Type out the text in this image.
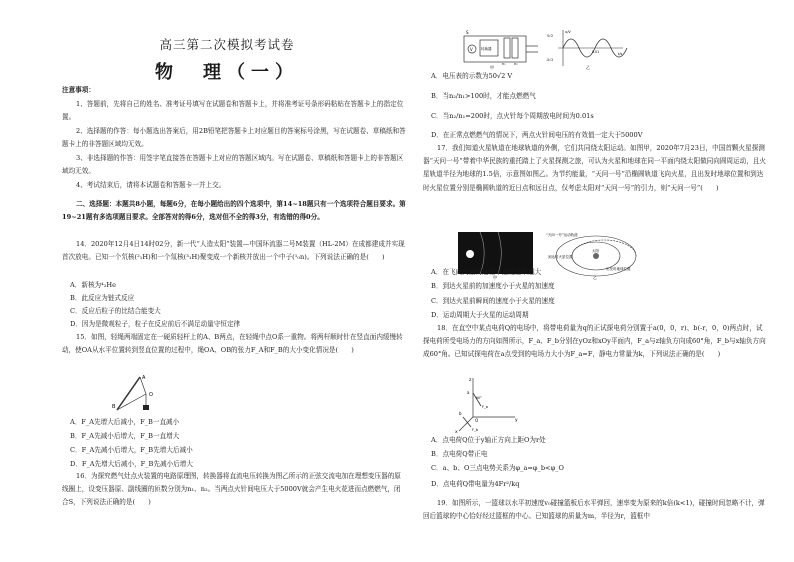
高三第二次模拟考试卷
物　理（一）
注意事项：
1、答题前，先将自己的姓名、准考证号填写在试题卷和答题卡上，并将准考证号条形码粘贴在答题卡上的指定位置。
2、选择题的作答：每小题选出答案后，用2B铅笔把答题卡上对应题目的答案标号涂黑，写在试题卷、草稿纸和答题卡上的非答题区域均无效。
3、非选择题的作答：用签字笔直接答在答题卡上对应的答题区域内。写在试题卷、草稿纸和答题卡上的非答题区域均无效。
4、考试结束后，请将本试题卷和答题卡一并上交。
二、选择题：本题共8小题，每题6分，在每小题给出的四个选项中，第14~18题只有一个选项符合题目要求。第19~21题有多选项题目要求。全部答对的得6分，选对但不全的得3分，有选错的得0分。
14．2020年12月4日14时02分，新一代“人造太阳”装置—中国环流器二号M装置（HL-2M）在成都建成并实现首次放电。已知一个氘核(²₁H)和一个氚核(³₁H)聚变成一个新核并放出一个中子(¹₀n)。下列说法正确的是(　　)
A．新核为⁴₂He
B．此反应为链式反应
C．反应后粒子的比结合能变大
D．因为是微观粒子，粒子在反应前后不满足动量守恒定律
15．如图，轻绳两端固定在一硬质轻杆上的A、B两点，在轻绳中点O系一重物。将两杆顺时针在竖直面内缓慢转动，使OA从水平位置转到竖直位置的过程中，绳OA、OB的张力F_A和F_B的大小变化情况是(　　)
A
O
B
A．F_A先增大后减小，F_B一直减小
B．F_A先减小后增大，F_B一直增大
C．F_A先减小后增大，F_B先增大后减小
D．F_A先增大后减小，F_B先减小后增大
16．为探究燃气灶点火装置的电路原理图，转换器将直流电压转换为图乙所示的正弦交流电加在理想变压器的原线圈上，设变压器原、副线圈的匝数分别为n₁、n₂。当两点火针间电压大于5000V就会产生电火花进而点燃燃气，闭合S，下列说法正确的是(　　)
转换器
V
S
n₁ n₂
甲
u/V
t/s
5√2
-5√2
0.01
乙
A．电压表的示数为50√2 V
B．当n₂/n₁>100时，才能点燃燃气
C．当n₂/n₁=200时，点火针每个周期放电时间为0.01s
D．在正常点燃燃气的情况下，两点火针间电压的有效值一定大于5000V
17．我们知道火星轨道在地球轨道的外侧，它们共同绕太阳运动。如图甲，2020年7月23日，中国首颗火星探测器“天问一号”带着中华民族的重托踏上了火星探测之旅，可认为火星和地球在同一平面内绕太阳做同向圆周运动，且火星轨道半径为地球的1.5倍，示意图如图乙。为节约能量，“天问一号”沿椭圆轨道飞向火星，且出发时地球位置和到达时火星位置分别是椭圆轨道的近日点和远日点，仅考虑太阳对“天问一号”的引力，则“天问一号”(　　)
甲
“天问一号”运动轨道
到达时火星位置
太阳
出发时地球位置
乙
A．在飞向火星的过程中速度越来越大
B．到达火星前的加速度小于火星的加速度
C．到达火星前瞬间的速度小于火星的速度
D．运动周期大于火星的运动周期
18．在直空中某点电荷Q的电场中，将带电荷量为q的正试探电荷分别置于a(0，0，r)、b(-r，0，0)两点时，试探电荷所受电场力的方向如图所示，F_a、F_b分别在yOz和xOy平面内，F_a与z轴负方向成60°角，F_b与x轴负方向成60°角。已知试探电荷在a点受到的电场力大小为F_a=F，静电力常量为k，下列说法正确的是(　　)
z
y
x
a
b
O
60°
F_a
F_b
A．点电荷Q位于y轴正方向上距O为r处
B．点电荷Q带正电
C．a、b、O三点电势关系为φ_a=φ_b<φ_O
D．点电荷Q带电量为4Fr²/kq
19．如图所示，一篮球以水平初速度v₀碰撞篮板后水平弹回，速率变为原来的k倍(k<1)，碰撞时间忽略不计，弹回后篮球的中心恰好经过篮框的中心。已知篮球的质量为m，半径为r，篮框中
